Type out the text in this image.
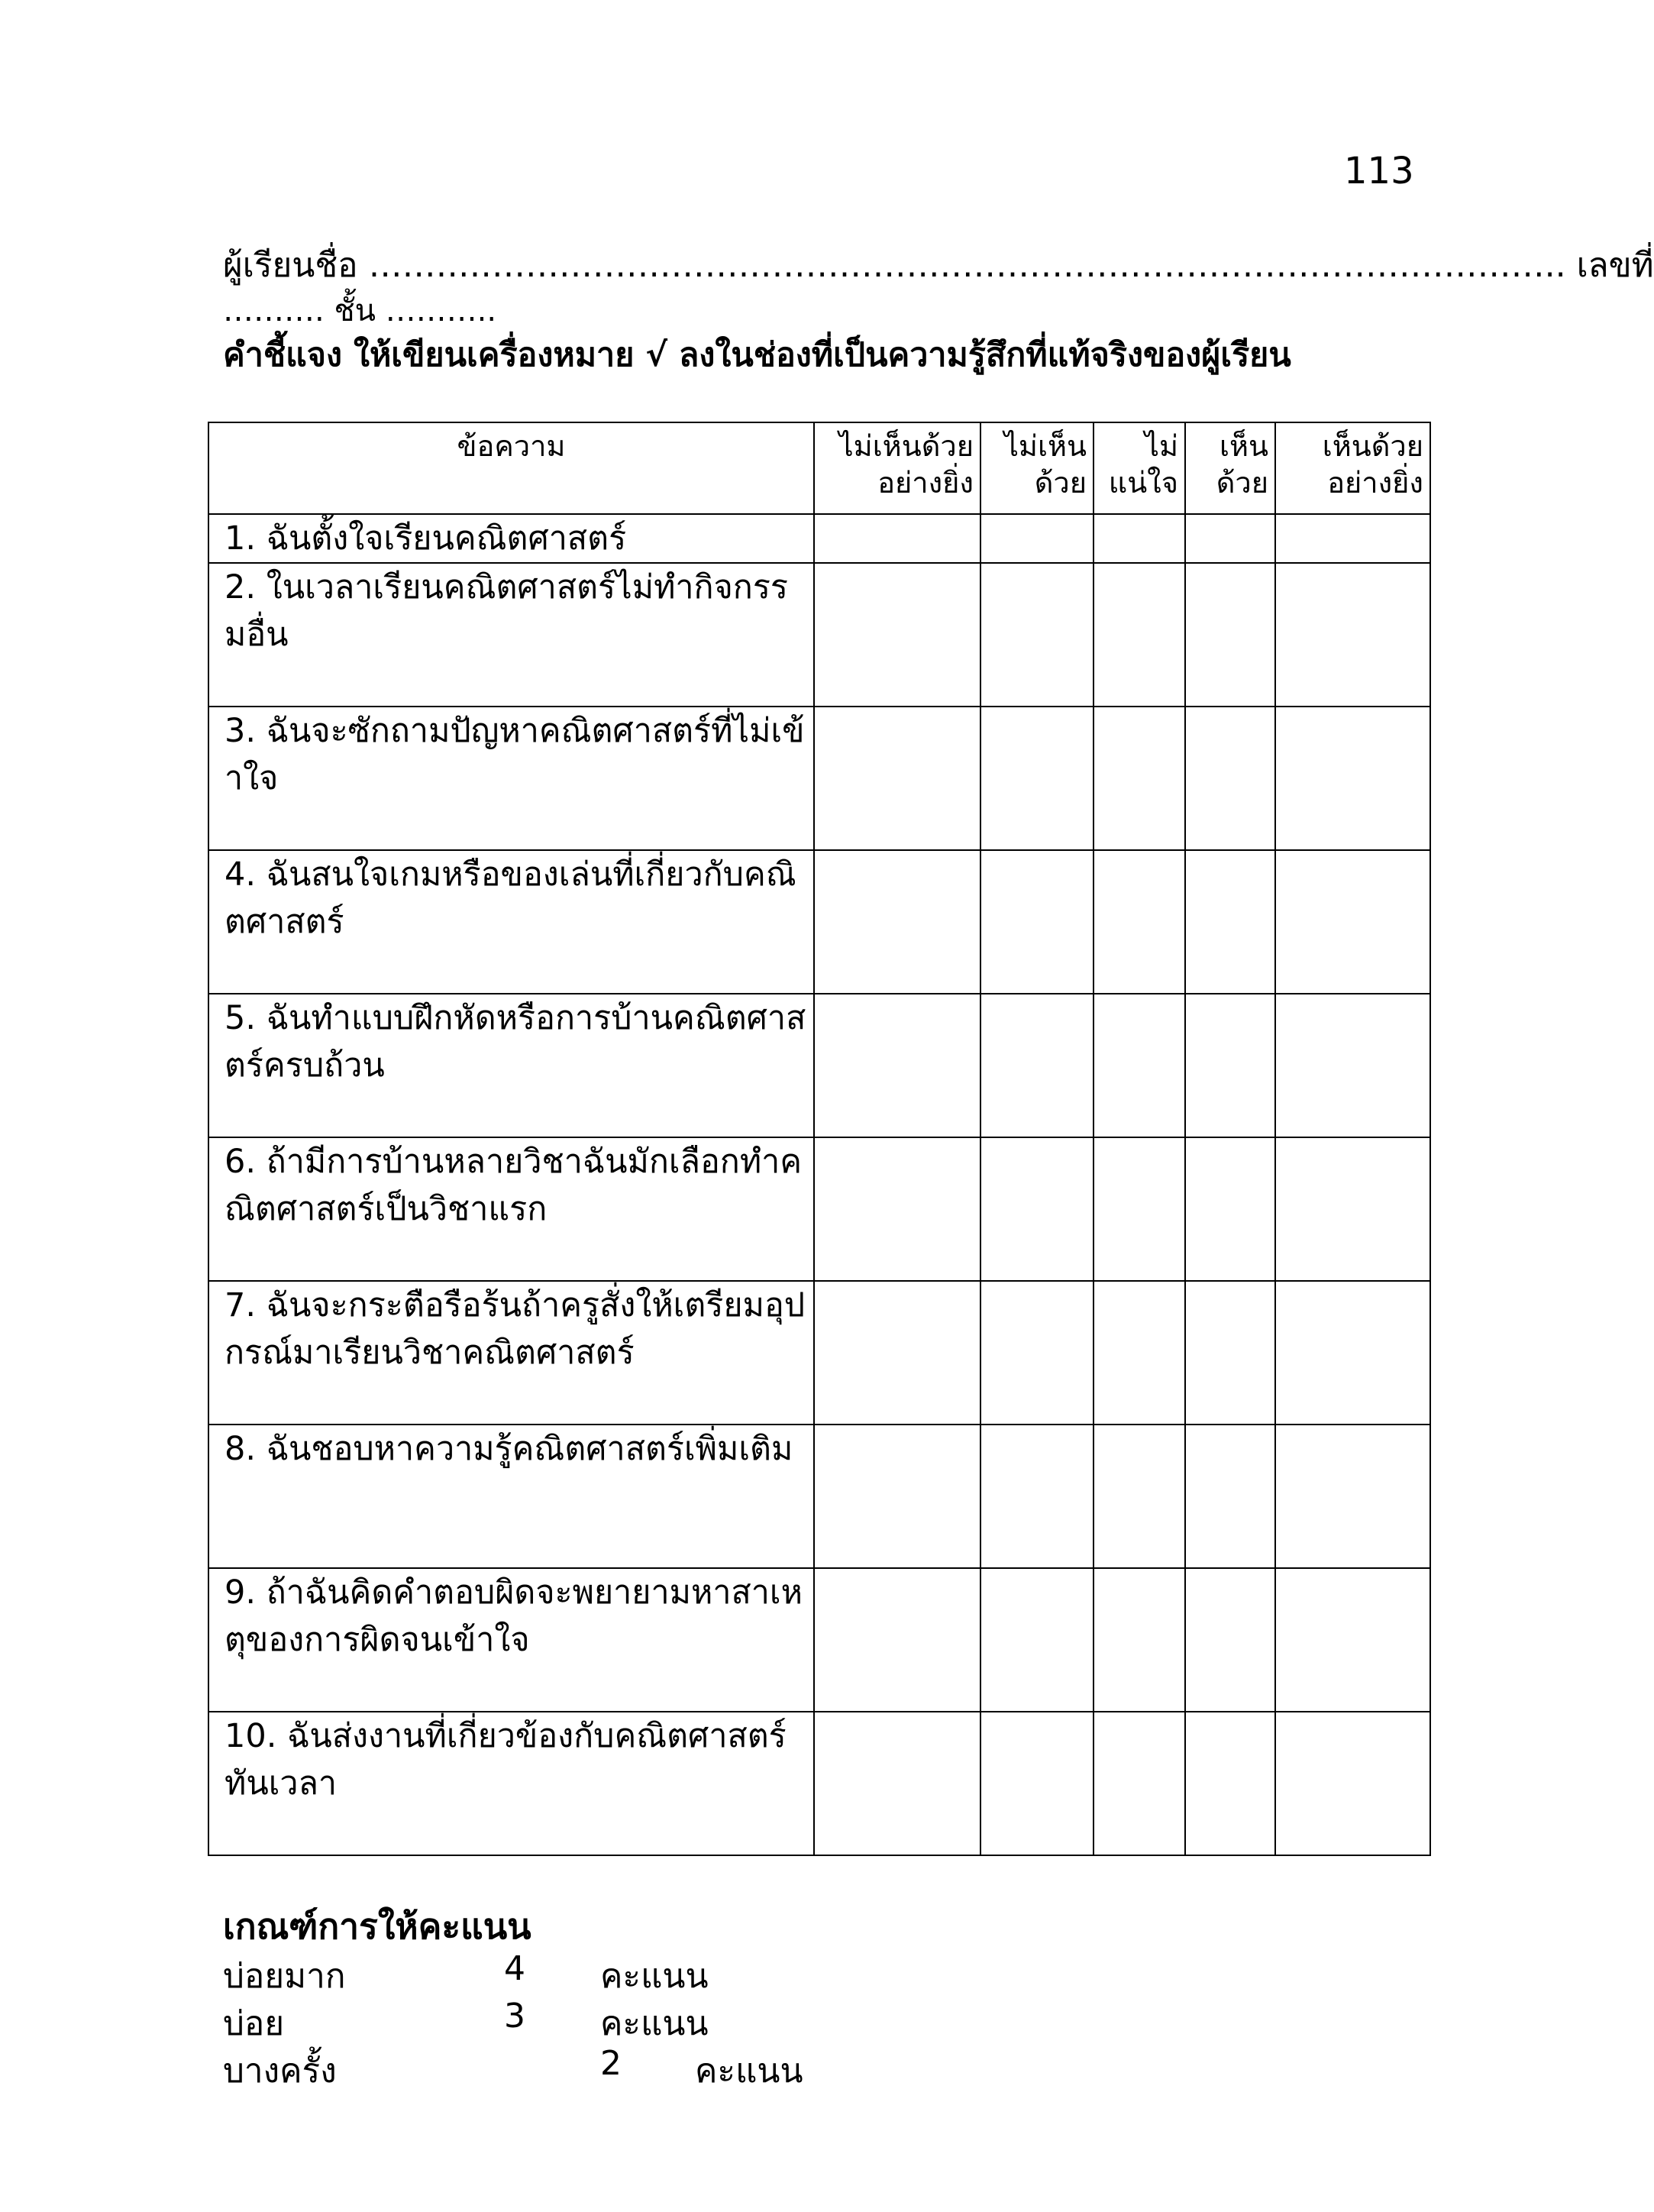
113
ผู้เรียนชื่อ …………………………………………………………………………………………….. เลขที่
………. ชั้น ………..
คำชี้แจง ให้เขียนเครื่องหมาย √ ลงในช่องที่เป็นความรู้สึกที่แท้จริงของผู้เรียน
ข้อความ	ไม่เห็นด้วยอย่างยิ่ง	ไม่เห็นด้วย	ไม่แน่ใจ	เห็นด้วย	เห็นด้วยอย่างยิ่ง
1. ฉันตั้งใจเรียนคณิตศาสตร์					
2. ในเวลาเรียนคณิตศาสตร์ไม่ทำกิจกรรมอื่น					
3. ฉันจะซักถามปัญหาคณิตศาสตร์ที่ไม่เข้าใจ					
4. ฉันสนใจเกมหรือของเล่นที่เกี่ยวกับคณิตศาสตร์					
5. ฉันทำแบบฝึกหัดหรือการบ้านคณิตศาสตร์ครบถ้วน					
6. ถ้ามีการบ้านหลายวิชาฉันมักเลือกทำคณิตศาสตร์เป็นวิชาแรก					
7. ฉันจะกระตือรือร้นถ้าครูสั่งให้เตรียมอุปกรณ์มาเรียนวิชาคณิตศาสตร์					
8. ฉันชอบหาความรู้คณิตศาสตร์เพิ่มเติม					
9. ถ้าฉันคิดคำตอบผิดจะพยายามหาสาเหตุของการผิดจนเข้าใจ					
10. ฉันส่งงานที่เกี่ยวข้องกับคณิตศาสตร์ทันเวลา					
เกณฑ์การให้คะแนน
บ่อยมาก	4 คะแนน
บ่อย	3 คะแนน
บางครั้ง	2 คะแนน
